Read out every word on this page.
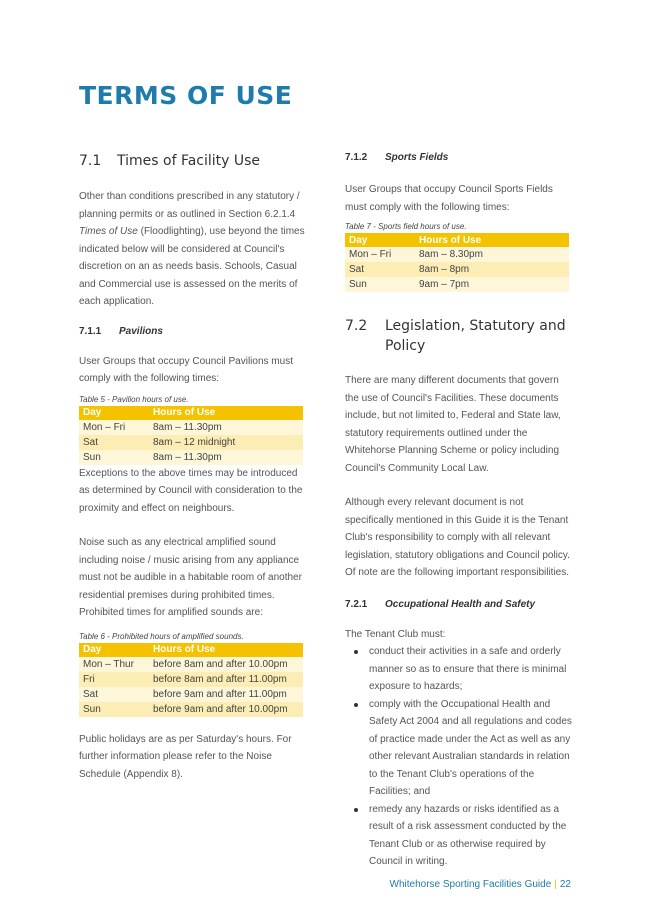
TERMS OF USE
7.1	Times of Facility Use

Other than conditions prescribed in any statutory / planning permits or as outlined in Section 6.2.1.4 Times of Use (Floodlighting), use beyond the times indicated below will be considered at Council's discretion on an as needs basis. Schools, Casual and Commercial use is assessed on the merits of each application.

7.1.1	Pavilions

User Groups that occupy Council Pavilions must comply with the following times:

Table 5 - Pavilion hours of use.
Day	Hours of Use
Mon – Fri	8am – 11.30pm
Sat	8am – 12 midnight
Sun	8am – 11.30pm

Exceptions to the above times may be introduced as determined by Council with consideration to the proximity and effect on neighbours.

Noise such as any electrical amplified sound including noise / music arising from any appliance must not be audible in a habitable room of another residential premises during prohibited times. Prohibited times for amplified sounds are:

Table 6 - Prohibited hours of amplified sounds.
Day	Hours of Use
Mon – Thur	before 8am and after 10.00pm
Fri	before 8am and after 11.00pm
Sat	before 9am and after 11.00pm
Sun	before 9am and after 10.00pm

Public holidays are as per Saturday's hours. For further information please refer to the Noise Schedule (Appendix 8).

7.1.2	Sports Fields

User Groups that occupy Council Sports Fields must comply with the following times:

Table 7 - Sports field hours of use.
Day	Hours of Use
Mon – Fri	8am – 8.30pm
Sat	8am – 8pm
Sun	9am – 7pm
7.2	Legislation, Statutory and Policy

There are many different documents that govern the use of Council's Facilities. These documents include, but not limited to, Federal and State law, statutory requirements outlined under the Whitehorse Planning Scheme or policy including Council's Community Local Law.

Although every relevant document is not specifically mentioned in this Guide it is the Tenant Club's responsibility to comply with all relevant legislation, statutory obligations and Council policy. Of note are the following important responsibilities.

7.2.1	Occupational Health and Safety

The Tenant Club must:

conduct their activities in a safe and orderly manner so as to ensure that there is minimal exposure to hazards;
comply with the Occupational Health and Safety Act 2004 and all regulations and codes of practice made under the Act as well as any other relevant Australian standards in relation to the Tenant Club's operations of the Facilities; and
remedy any hazards or risks identified as a result of a risk assessment conducted by the Tenant Club or as otherwise required by Council in writing.
Whitehorse Sporting Facilities Guide | 22
